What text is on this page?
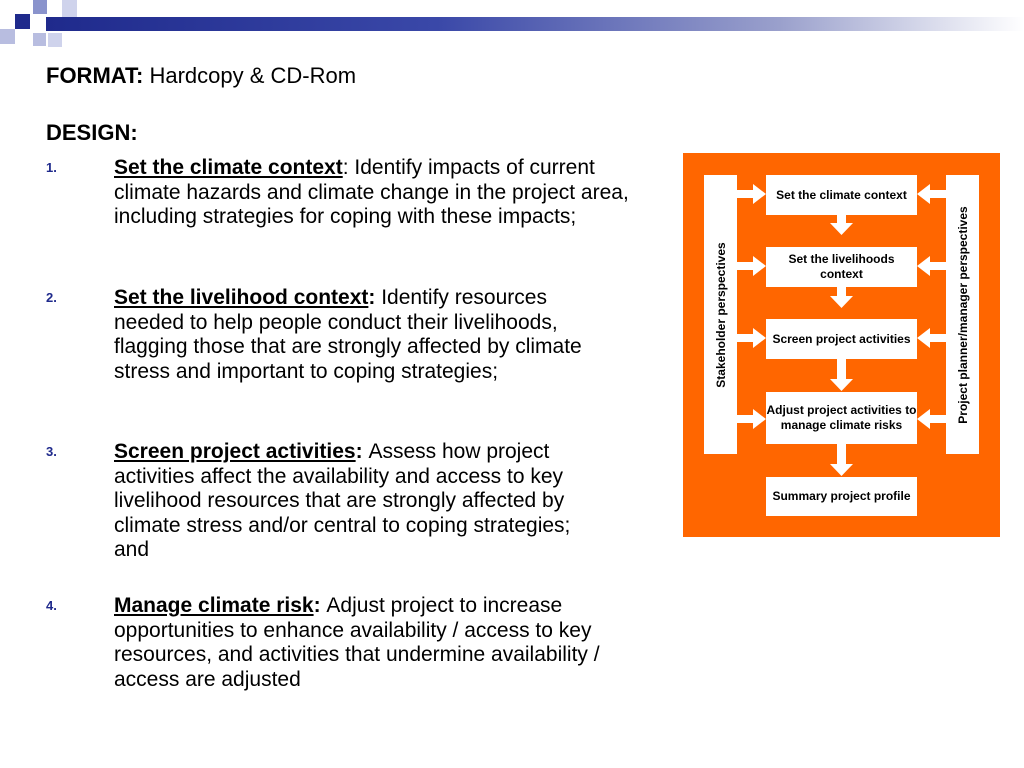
FORMAT: Hardcopy & CD-Rom
DESIGN:
1.	Set the climate context: Identify impacts of current climate hazards and climate change in the project area, including strategies for coping with these impacts;
2.	Set the livelihood context: Identify resources needed to help people conduct their livelihoods, flagging those that are strongly affected by climate stress and important to coping strategies;
3.	Screen project activities: Assess how project activities affect the availability and access to key livelihood resources that are strongly affected by climate stress and/or central to coping strategies; and
4.	Manage climate risk: Adjust project to increase opportunities to enhance availability / access to key resources, and activities that undermine availability / access are adjusted
Stakeholder perspectives	Project planner/manager perspectives
Set the climate context
Set the livelihoods context
Screen project activities
Adjust project activities to manage climate risks
Summary project profile
